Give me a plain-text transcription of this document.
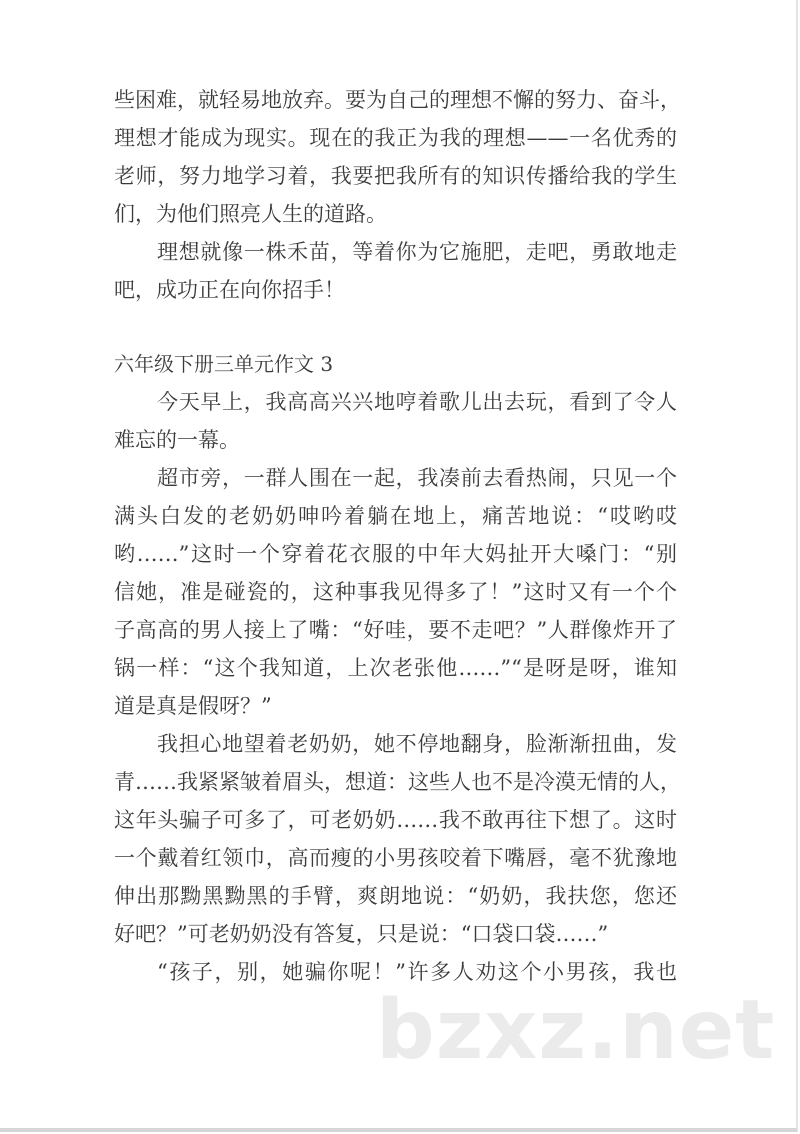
些困难，就轻易地放弃。要为自己的理想不懈的努力、奋斗，
理想才能成为现实。现在的我正为我的理想——一名优秀的
老师，努力地学习着，我要把我所有的知识传播给我的学生
们，为他们照亮人生的道路。
理想就像一株禾苗，等着你为它施肥，走吧，勇敢地走
吧，成功正在向你招手！
六年级下册三单元作文 3
今天早上，我高高兴兴地哼着歌儿出去玩，看到了令人
难忘的一幕。
超市旁，一群人围在一起，我凑前去看热闹，只见一个
满头白发的老奶奶呻吟着躺在地上，痛苦地说：“哎哟哎
哟……”这时一个穿着花衣服的中年大妈扯开大嗓门：“别
信她，准是碰瓷的，这种事我见得多了！”这时又有一个个
子高高的男人接上了嘴：“好哇，要不走吧？”人群像炸开了
锅一样：“这个我知道，上次老张他……”“是呀是呀，谁知
道是真是假呀？”
我担心地望着老奶奶，她不停地翻身，脸渐渐扭曲，发
青……我紧紧皱着眉头，想道：这些人也不是冷漠无情的人，
这年头骗子可多了，可老奶奶……我不敢再往下想了。这时
一个戴着红领巾，高而瘦的小男孩咬着下嘴唇，毫不犹豫地
伸出那黝黑黝黑的手臂，爽朗地说：“奶奶，我扶您，您还
好吧？”可老奶奶没有答复，只是说：“口袋口袋……”
“孩子，别，她骗你呢！”许多人劝这个小男孩，我也
bzxz.net
